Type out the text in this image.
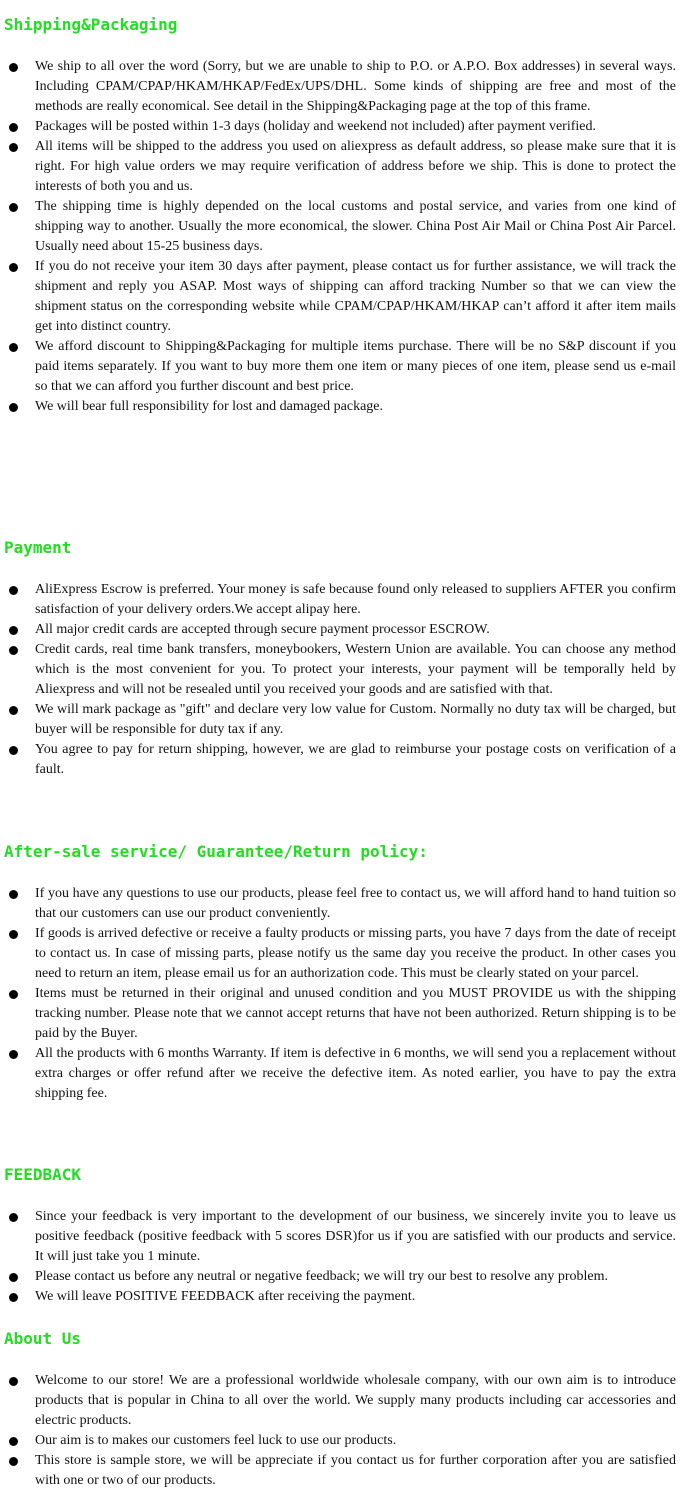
Shipping&Packaging
We ship to all over the word (Sorry, but we are unable to ship to P.O. or A.P.O. Box addresses) in several ways. Including CPAM/CPAP/HKAM/HKAP/FedEx/UPS/DHL. Some kinds of shipping are free and most of the methods are really economical. See detail in the Shipping&Packaging page at the top of this frame.
Packages will be posted within 1-3 days (holiday and weekend not included) after payment verified.
All items will be shipped to the address you used on aliexpress as default address, so please make sure that it is right. For high value orders we may require verification of address before we ship. This is done to protect the interests of both you and us.
The shipping time is highly depended on the local customs and postal service, and varies from one kind of shipping way to another. Usually the more economical, the slower. China Post Air Mail or China Post Air Parcel. Usually need about 15-25 business days.
If you do not receive your item 30 days after payment, please contact us for further assistance, we will track the shipment and reply you ASAP. Most ways of shipping can afford tracking Number so that we can view the shipment status on the corresponding website while CPAM/CPAP/HKAM/HKAP can’t afford it after item mails get into distinct country.
We afford discount to Shipping&Packaging for multiple items purchase. There will be no S&P discount if you paid items separately. If you want to buy more them one item or many pieces of one item, please send us e-mail so that we can afford you further discount and best price.
We will bear full responsibility for lost and damaged package.
Payment
AliExpress Escrow is preferred. Your money is safe because found only released to suppliers AFTER you confirm satisfaction of your delivery orders.We accept alipay here.
All major credit cards are accepted through secure payment processor ESCROW.
Credit cards, real time bank transfers, moneybookers, Western Union are available. You can choose any method which is the most convenient for you. To protect your interests, your payment will be temporally held by Aliexpress and will not be resealed until you received your goods and are satisfied with that.
We will mark package as "gift" and declare very low value for Custom. Normally no duty tax will be charged, but buyer will be responsible for duty tax if any.
You agree to pay for return shipping, however, we are glad to reimburse your postage costs on verification of a fault.
After-sale service/ Guarantee/Return policy:
If you have any questions to use our products, please feel free to contact us, we will afford hand to hand tuition so that our customers can use our product conveniently.
If goods is arrived defective or receive a faulty products or missing parts, you have 7 days from the date of receipt to contact us. In case of missing parts, please notify us the same day you receive the product. In other cases you need to return an item, please email us for an authorization code. This must be clearly stated on your parcel.
Items must be returned in their original and unused condition and you MUST PROVIDE us with the shipping tracking number. Please note that we cannot accept returns that have not been authorized. Return shipping is to be paid by the Buyer.
All the products with 6 months Warranty. If item is defective in 6 months, we will send you a replacement without extra charges or offer refund after we receive the defective item. As noted earlier, you have to pay the extra shipping fee.
FEEDBACK
Since your feedback is very important to the development of our business, we sincerely invite you to leave us positive feedback (positive feedback with 5 scores DSR)for us if you are satisfied with our products and service. It will just take you 1 minute.
Please contact us before any neutral or negative feedback; we will try our best to resolve any problem.
We will leave POSITIVE FEEDBACK after receiving the payment.
About Us
Welcome to our store! We are a professional worldwide wholesale company, with our own aim is to introduce products that is popular in China to all over the world. We supply many products including car accessories and electric products.
Our aim is to makes our customers feel luck to use our products.
This store is sample store, we will be appreciate if you contact us for further corporation after you are satisfied with one or two of our products.
